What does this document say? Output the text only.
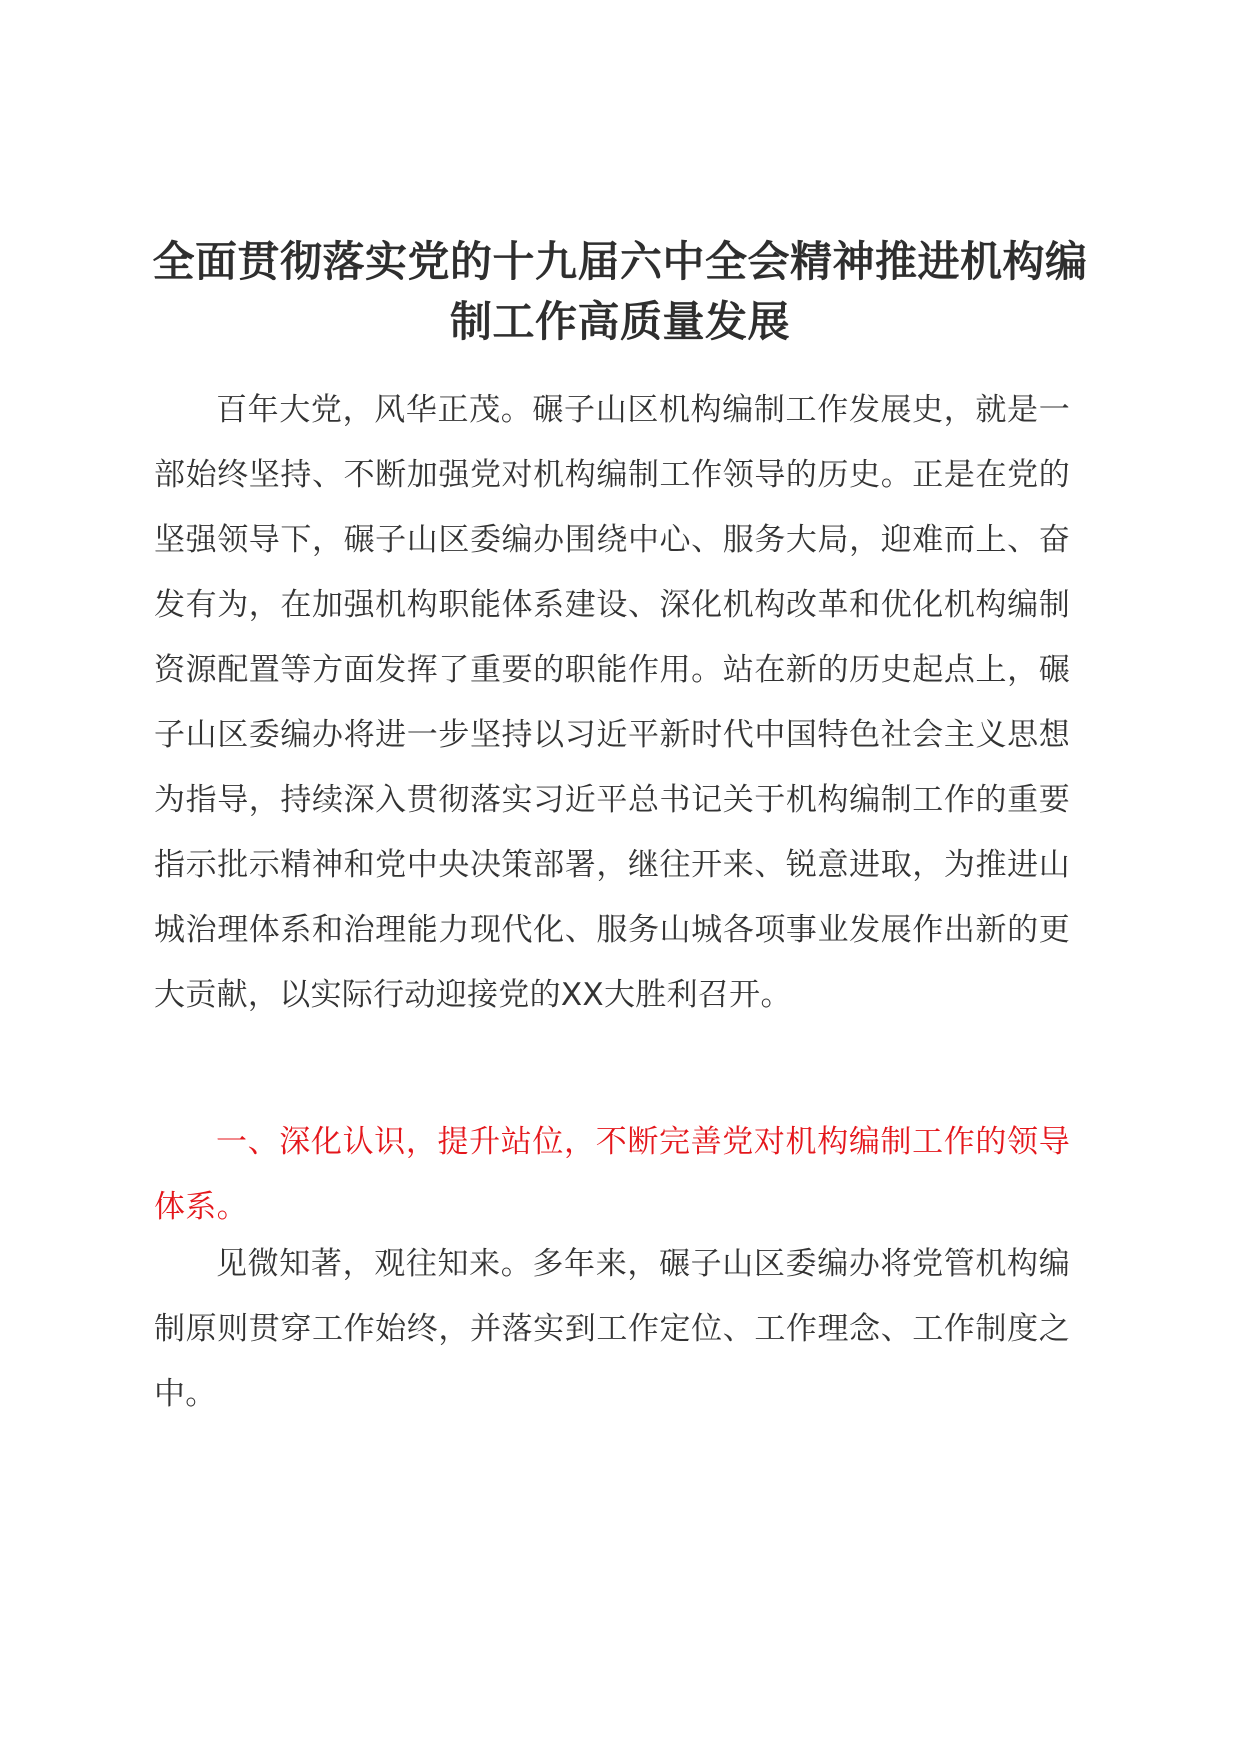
全面贯彻落实党的十九届六中全会精神推进机构编制工作高质量发展

百年大党，风华正茂。碾子山区机构编制工作发展史，就是一部始终坚持、不断加强党对机构编制工作领导的历史。正是在党的坚强领导下，碾子山区委编办围绕中心、服务大局，迎难而上、奋发有为，在加强机构职能体系建设、深化机构改革和优化机构编制资源配置等方面发挥了重要的职能作用。站在新的历史起点上，碾子山区委编办将进一步坚持以习近平新时代中国特色社会主义思想为指导，持续深入贯彻落实习近平总书记关于机构编制工作的重要指示批示精神和党中央决策部署，继往开来、锐意进取，为推进山城治理体系和治理能力现代化、服务山城各项事业发展作出新的更大贡献，以实际行动迎接党的XX大胜利召开。

一、深化认识，提升站位，不断完善党对机构编制工作的领导体系。

见微知著，观往知来。多年来，碾子山区委编办将党管机构编制原则贯穿工作始终，并落实到工作定位、工作理念、工作制度之中。
